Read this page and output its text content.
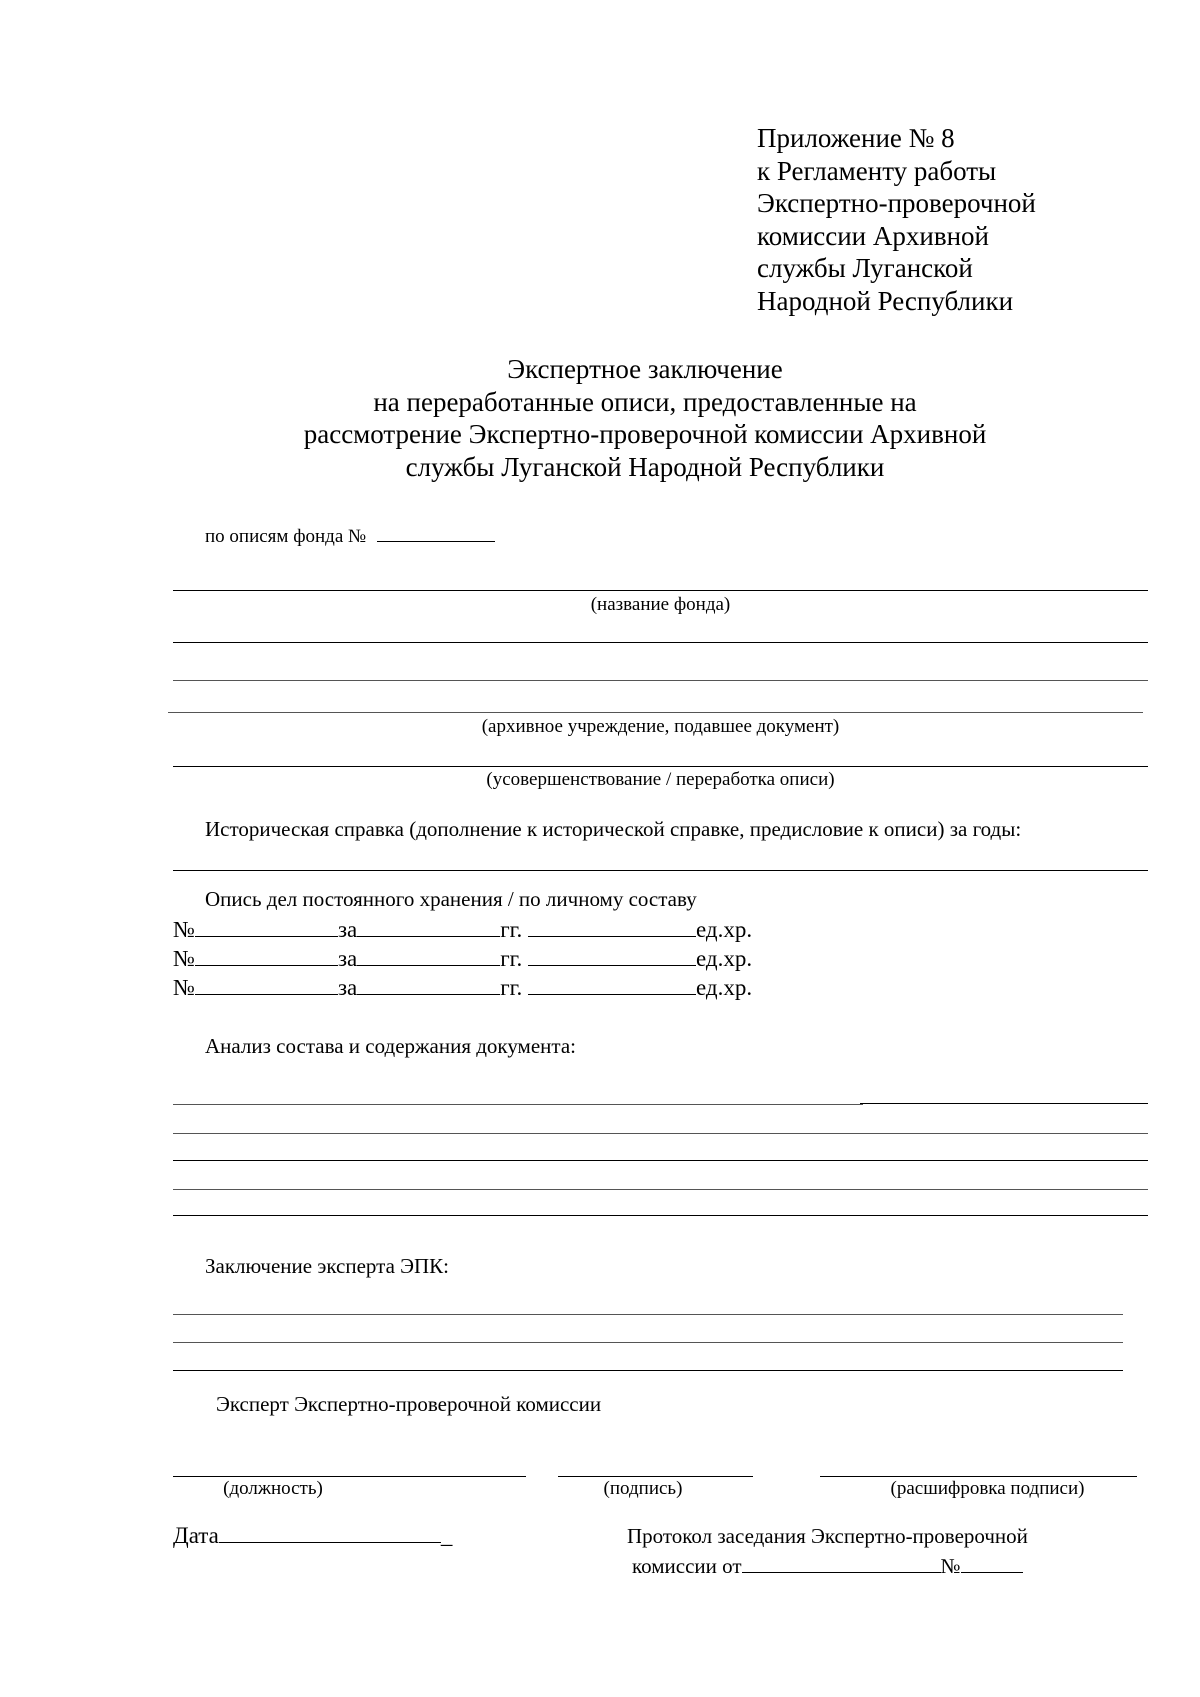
Приложение № 8
к Регламенту работы
Экспертно-проверочной
комиссии Архивной
службы Луганской
Народной Республики
Экспертное заключение
на переработанные описи, предоставленные на
рассмотрение Экспертно-проверочной комиссии Архивной
службы Луганской Народной Республики
по описям фонда №
(название фонда)
(архивное учреждение, подавшее документ)
(усовершенствование / переработка описи)
Историческая справка (дополнение к исторической справке, предисловие к описи) за годы:
Опись дел постоянного хранения / по личному составу
№	за	гг.	ед.хр.
№	за	гг.	ед.хр.
№	за	гг.	ед.хр.
Анализ состава и содержания документа:
Заключение эксперта ЭПК:
Эксперт Экспертно-проверочной комиссии
(должность)	(подпись)	(расшифровка подписи)
Дата	_	Протокол заседания Экспертно-проверочной
комиссии от	№
